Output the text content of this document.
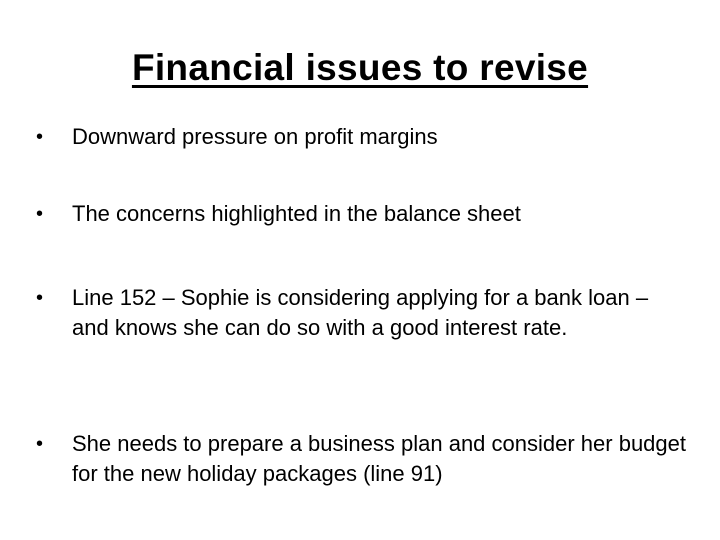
Financial issues to revise
•	Downward pressure on profit margins
•	The concerns highlighted in the balance sheet
•	Line 152 – Sophie is considering applying for a bank loan – and knows she can do so with a good interest rate.
•	She needs to prepare a business plan and consider her budget for the new holiday packages (line 91)
